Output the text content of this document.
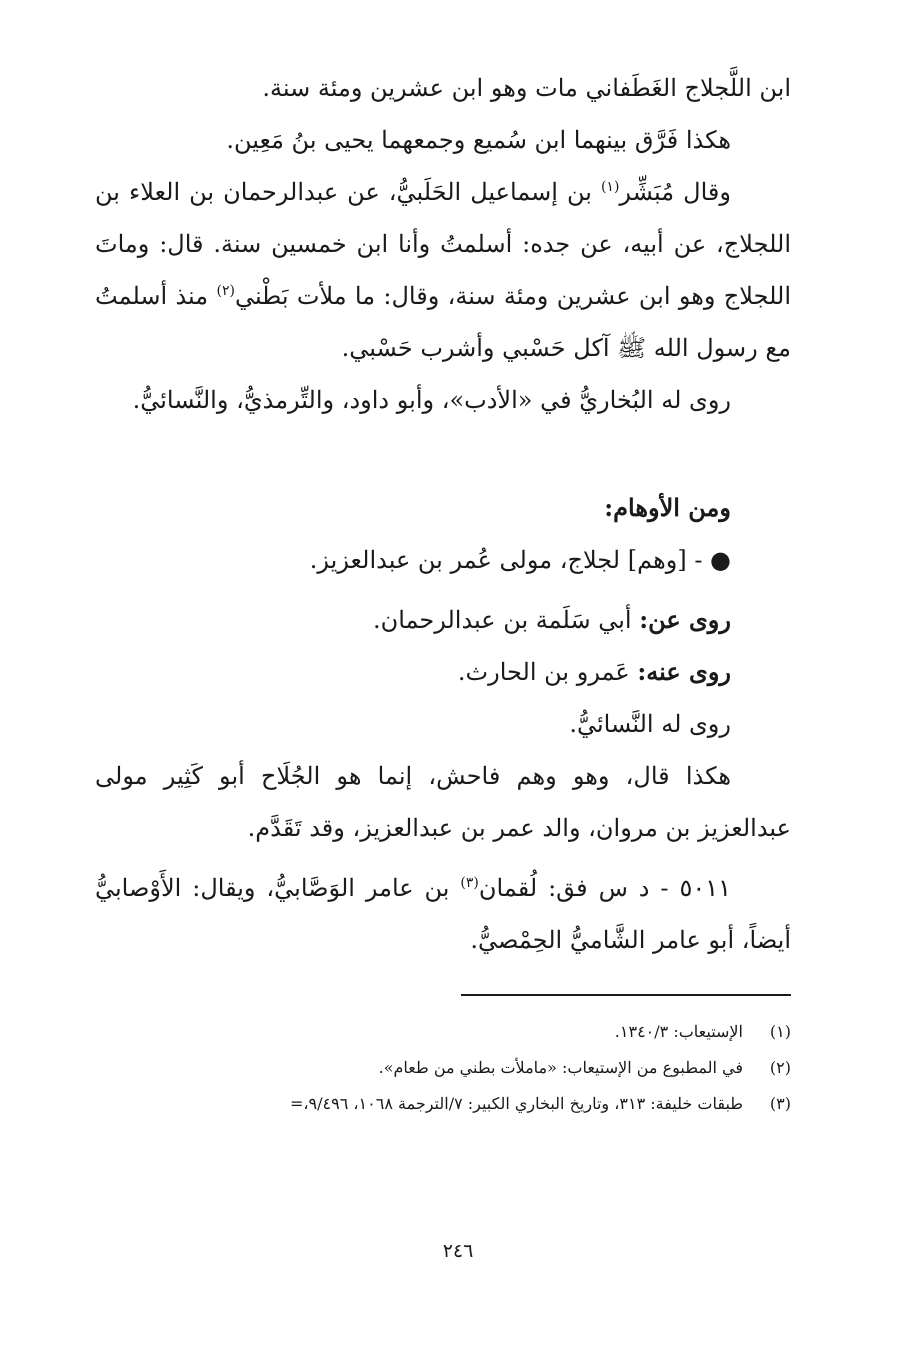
ابن اللَّجلاج الغَطَفاني مات وهو ابن عشرين ومئة سنة.

هكذا فَرَّق بينهما ابن سُميع وجمعهما يحيى بنُ مَعِين.

وقال مُبَشِّر$^{(١)}$ بن إسماعيل الحَلَبيُّ، عن عبدالرحمان بن العلاء بن اللجلاج، عن أبيه، عن جده: أسلمتُ وأنا ابن خمسين سنة. قال: وماتَ اللجلاج وهو ابن عشرين ومئة سنة، وقال: ما ملأت بَطْني$^{(٢)}$ منذ أسلمتُ مع رسول الله ﷺ آكل حَسْبي وأشرب حَسْبي.

روى له البُخاريُّ في «الأدب»، وأبو داود، والتِّرمذيُّ، والنَّسائيُّ.

ومن الأوهام:

● - [وهم] لجلاج، مولى عُمر بن عبدالعزيز.

روى عن: أبي سَلَمة بن عبدالرحمان.

روى عنه: عَمرو بن الحارث.

روى له النَّسائيُّ.

هكذا قال، وهو وهم فاحش، إنما هو الجُلَاح أبو كَثِير مولى عبدالعزيز بن مروان، والد عمر بن عبدالعزيز، وقد تَقَدَّم.

٥٠١١ - د س فق: لُقمان$^{(٣)}$ بن عامر الوَصَّابيُّ، ويقال: الأَوْصابيُّ أيضاً، أبو عامر الشَّاميُّ الحِمْصيُّ.

(١)
الإستيعاب: ١٣٤٠/٣.
(٢)
في المطبوع من الإستيعاب: «ماملأت بطني من طعام».
(٣)
طبقات خليفة: ٣١٣، وتاريخ البخاري الكبير: ٧/الترجمة ١٠٦٨، ٩/٤٩٦،=
٢٤٦
